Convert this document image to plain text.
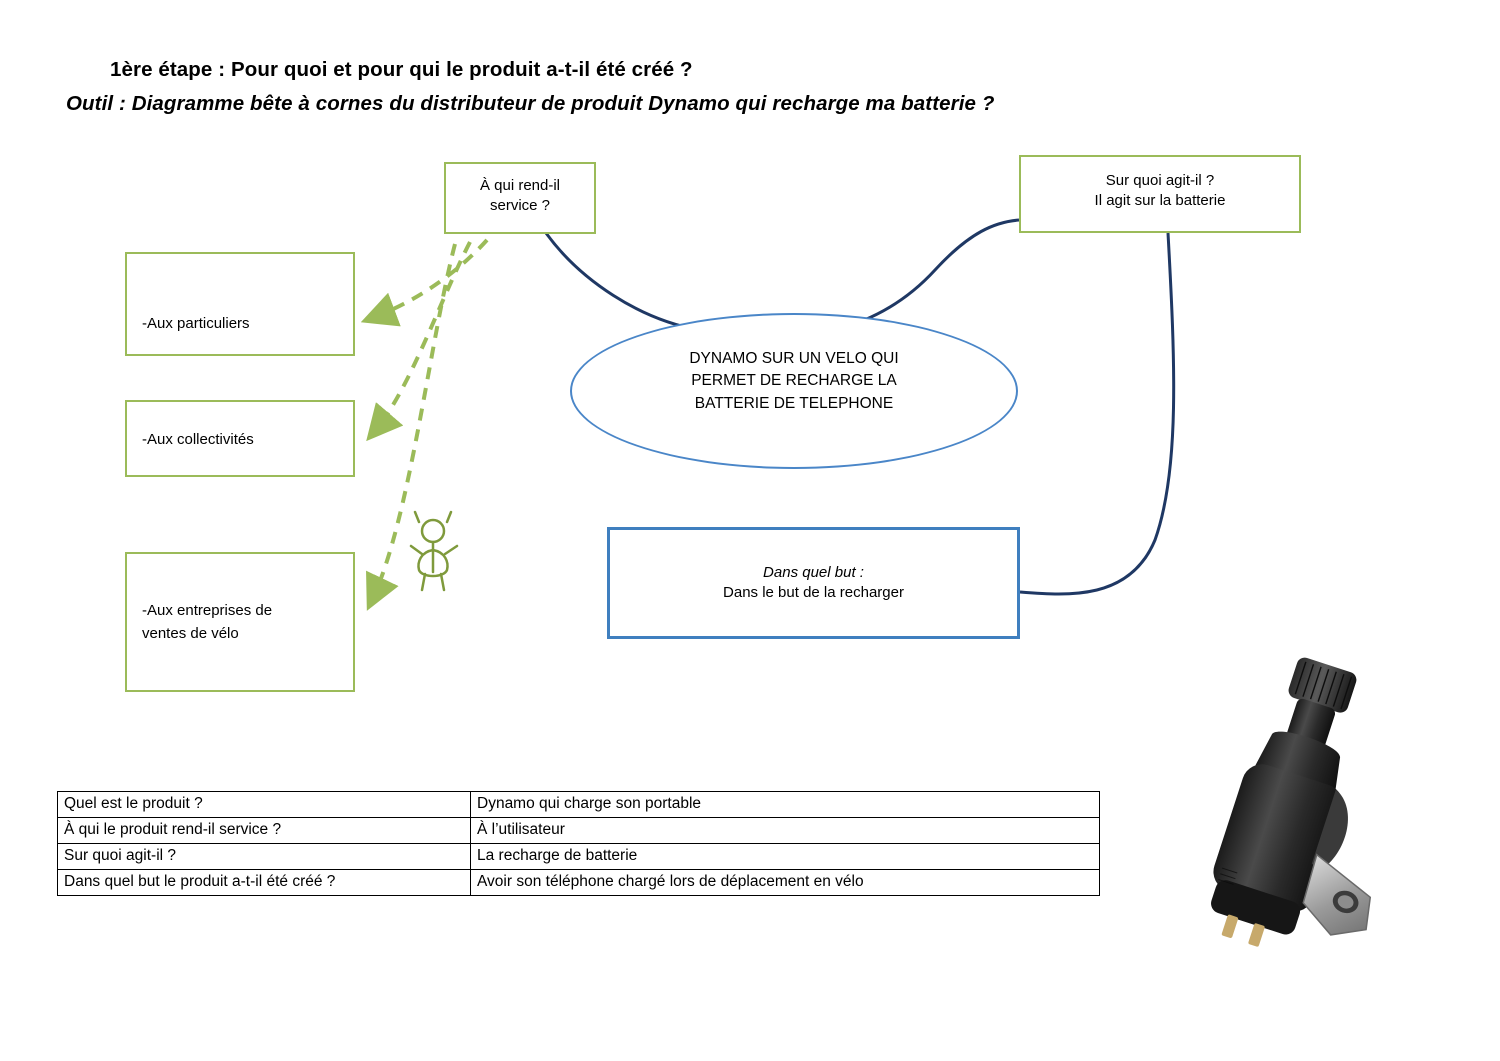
1ère étape : Pour quoi et pour qui le produit a-t-il été créé ?
Outil : Diagramme bête à cornes du distributeur de produit Dynamo qui recharge ma batterie ?
À qui rend-il
service ?
Sur quoi agit-il ?
Il agit sur la batterie
-Aux particuliers
-Aux collectivités
-Aux entreprises de
ventes de vélo
DYNAMO SUR UN VELO QUI
PERMET DE RECHARGE LA
BATTERIE DE TELEPHONE
Dans quel but :
Dans le but de la recharger
Quel est le produit ?	Dynamo qui charge son portable
À qui le produit rend-il service ?	À l’utilisateur
Sur quoi agit-il ?	La recharge de batterie
Dans quel but le produit a-t-il été créé ?	Avoir son téléphone chargé lors de déplacement en vélo
